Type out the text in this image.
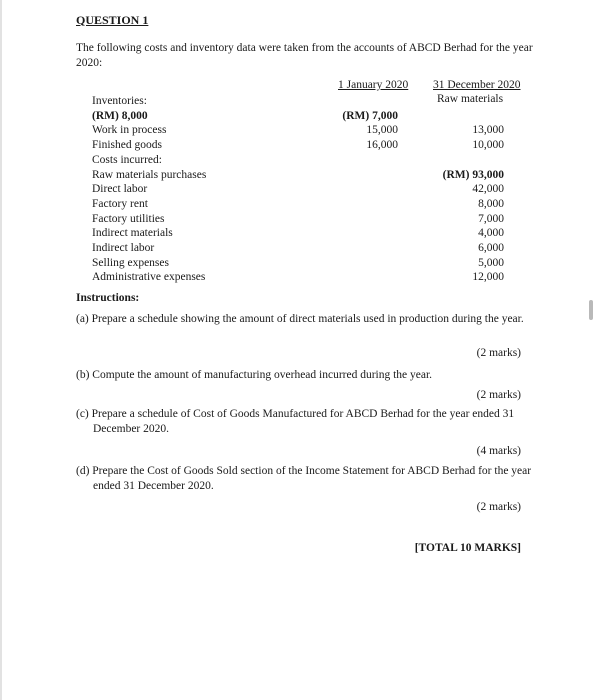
QUESTION 1
The following costs and inventory data were taken from the accounts of ABCD Berhad for the year 2020:
1 January 2020 31 December 2020
Raw materials
Inventories:
(RM) 8,000	(RM) 7,000
Work in process	15,000	13,000
Finished goods	16,000	10,000
Costs incurred:
Raw materials purchases	(RM) 93,000
Direct labor	42,000
Factory rent	8,000
Factory utilities	7,000
Indirect materials	4,000
Indirect labor	6,000
Selling expenses	5,000
Administrative expenses	12,000
Instructions:
(a) Prepare a schedule showing the amount of direct materials used in production during the year.
(2 marks)
(b) Compute the amount of manufacturing overhead incurred during the year.
(2 marks)
(c) Prepare a schedule of Cost of Goods Manufactured for ABCD Berhad for the year ended 31 December 2020.
(4 marks)
(d) Prepare the Cost of Goods Sold section of the Income Statement for ABCD Berhad for the year ended 31 December 2020.
(2 marks)
[TOTAL 10 MARKS]
